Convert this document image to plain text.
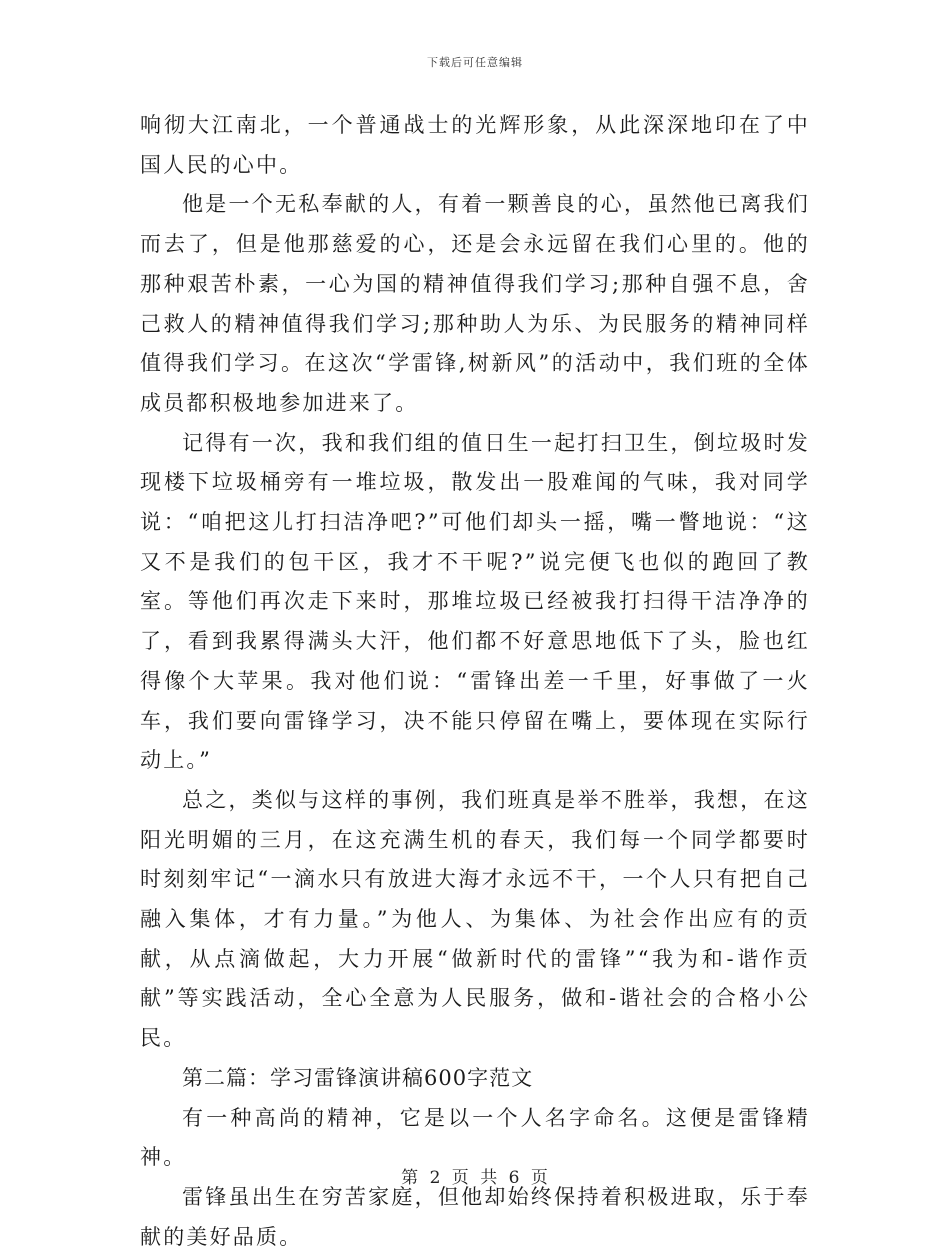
下载后可任意编辑

响彻大江南北，一个普通战士的光辉形象，从此深深地印在了中国人民的心中。

他是一个无私奉献的人，有着一颗善良的心，虽然他已离我们而去了，但是他那慈爱的心，还是会永远留在我们心里的。他的那种艰苦朴素，一心为国的精神值得我们学习;那种自强不息，舍己救人的精神值得我们学习;那种助人为乐、为民服务的精神同样值得我们学习。在这次“学雷锋,树新风”的活动中，我们班的全体成员都积极地参加进来了。

记得有一次，我和我们组的值日生一起打扫卫生，倒垃圾时发现楼下垃圾桶旁有一堆垃圾，散发出一股难闻的气味，我对同学说：“咱把这儿打扫洁净吧?”可他们却头一摇，嘴一瞥地说：“这又不是我们的包干区，我才不干呢?”说完便飞也似的跑回了教室。等他们再次走下来时，那堆垃圾已经被我打扫得干洁净净的了，看到我累得满头大汗，他们都不好意思地低下了头，脸也红得像个大苹果。我对他们说：“雷锋出差一千里，好事做了一火车，我们要向雷锋学习，决不能只停留在嘴上，要体现在实际行动上。”

总之，类似与这样的事例，我们班真是举不胜举，我想，在这阳光明媚的三月，在这充满生机的春天，我们每一个同学都要时时刻刻牢记“一滴水只有放进大海才永远不干，一个人只有把自己融入集体，才有力量。”为他人、为集体、为社会作出应有的贡献，从点滴做起，大力开展“做新时代的雷锋”“我为和-谐作贡献”等实践活动，全心全意为人民服务，做和-谐社会的合格小公民。

第二篇：学习雷锋演讲稿600字范文

有一种高尚的精神，它是以一个人名字命名。这便是雷锋精神。

雷锋虽出生在穷苦家庭，但他却始终保持着积极进取，乐于奉献的美好品质。

第 2 页 共 6 页
